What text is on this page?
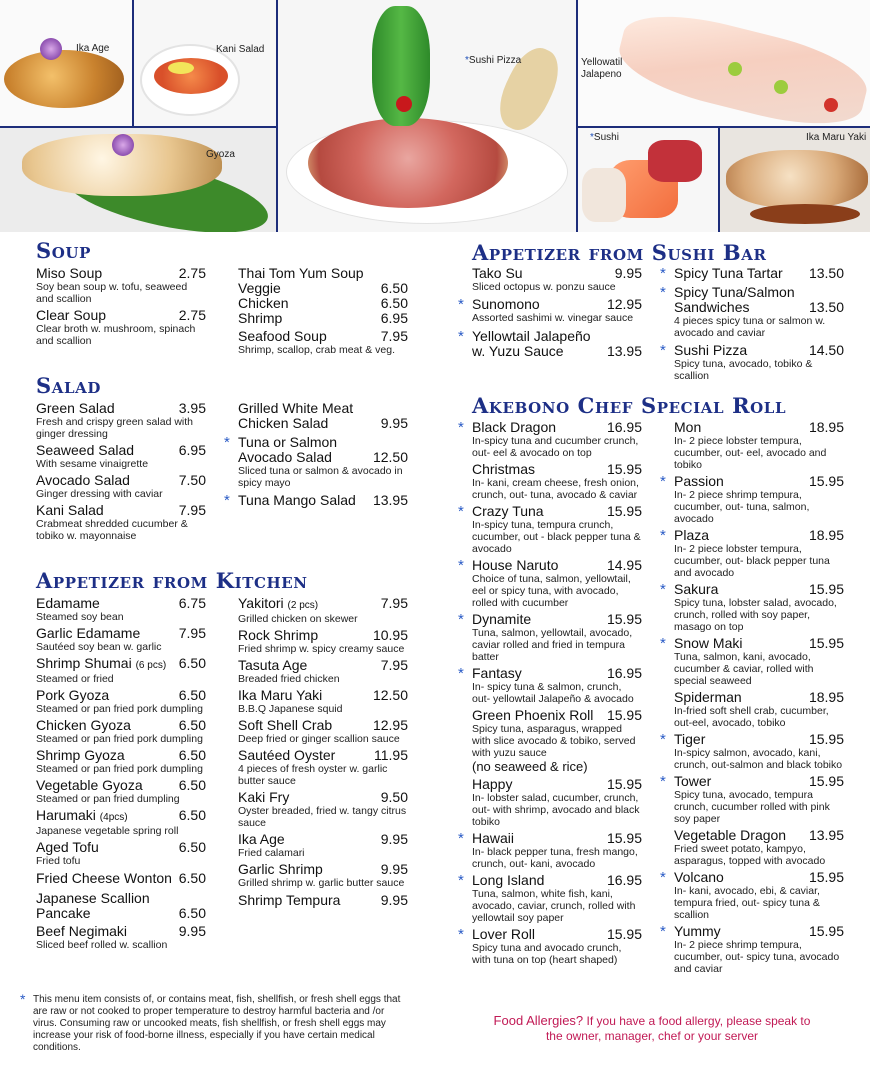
Ika Age	Kani Salad
Gyoza
*Sushi Pizza	Yellowatil
Jalapeno
*Sushi	Ika Maru Yaki
Soup
Miso Soup	2.75
Soy bean soup w. tofu, seaweed and scallion
Clear Soup	2.75
Clear broth w. mushroom, spinach and scallion
Thai Tom Yum Soup
Veggie	6.50
Chicken	6.50
Shrimp	6.95
Seafood Soup	7.95
Shrimp, scallop, crab meat & veg.
Salad
Green Salad	3.95
Fresh and crispy green salad with ginger dressing
Seaweed Salad	6.95
With sesame vinaigrette
Avocado Salad	7.50
Ginger dressing with caviar
Kani Salad	7.95
Crabmeat shredded cucumber & tobiko w. mayonnaise
Grilled White Meat
Chicken Salad	9.95
* Tuna or Salmon
Avocado Salad	12.50
Sliced tuna or salmon & avocado in spicy mayo
* Tuna Mango Salad 13.95
Appetizer from Kitchen
Edamame	6.75
Steamed soy bean
Garlic Edamame	7.95
Sautéed soy bean w. garlic
Shrimp Shumai (6 pcs) 6.50
Steamed or fried
Pork Gyoza	6.50
Steamed or pan fried pork dumpling
Chicken Gyoza	6.50
Steamed or pan fried pork dumpling
Shrimp Gyoza	6.50
Steamed or pan fried pork dumpling
Vegetable Gyoza	6.50
Steamed or pan fried dumpling
Harumaki (4pcs)	6.50
Japanese vegetable spring roll
Aged Tofu	6.50
Fried tofu
Fried Cheese Wonton 6.50
Japanese Scallion
Pancake	6.50
Beef Negimaki	9.95
Sliced beef rolled w. scallion
Yakitori (2 pcs)	7.95
Grilled chicken on skewer
Rock Shrimp	10.95
Fried shrimp w. spicy creamy sauce
Tasuta Age	7.95
Breaded fried chicken
Ika Maru Yaki	12.50
B.B.Q Japanese squid
Soft Shell Crab	12.95
Deep fried or ginger scallion sauce
Sautéed Oyster	11.95
4 pieces of fresh oyster w. garlic butter sauce
Kaki Fry	9.50
Oyster breaded, fried w. tangy citrus sauce
Ika Age	9.95
Fried calamari
Garlic Shrimp	9.95
Grilled shrimp w. garlic butter sauce
Shrimp Tempura	9.95
Appetizer from Sushi Bar
Tako Su	9.95
Sliced octopus w. ponzu sauce
* Sunomono	12.95
Assorted sashimi w. vinegar sauce
* Yellowtail Jalapeño
w. Yuzu Sauce	13.95
* Spicy Tuna Tartar 13.50
* Spicy Tuna/Salmon
Sandwiches	13.50
4 pieces spicy tuna or salmon w. avocado and caviar
* Sushi Pizza	14.50
Spicy tuna, avocado, tobiko & scallion
Akebono Chef Special Roll
* Black Dragon	16.95
In-spicy tuna and cucumber crunch, out- eel & avocado on top
Christmas	15.95
In- kani, cream cheese, fresh onion, crunch, out- tuna, avocado & caviar
* Crazy Tuna	15.95
In-spicy tuna, tempura crunch, cucumber, out - black pepper tuna & avocado
* House Naruto	14.95
Choice of tuna, salmon, yellowtail, eel or spicy tuna, with avocado, rolled with cucumber
* Dynamite	15.95
Tuna, salmon, yellowtail, avocado, caviar rolled and fried in tempura batter
* Fantasy	16.95
In- spicy tuna & salmon, crunch, out- yellowtail Jalapeño & avocado
Green Phoenix Roll 15.95
Spicy tuna, asparagus, wrapped with slice avocado & tobiko, served with yuzu sauce
(no seaweed & rice)
Happy	15.95
In- lobster salad, cucumber, crunch, out- with shrimp, avocado and black tobiko
* Hawaii	15.95
In- black pepper tuna, fresh mango, crunch, out- kani, avocado
* Long Island	16.95
Tuna, salmon, white fish, kani, avocado, caviar, crunch, rolled with yellowtail soy paper
* Lover Roll	15.95
Spicy tuna and avocado crunch, with tuna on top (heart shaped)
Mon	18.95
In- 2 piece lobster tempura, cucumber, out- eel, avocado and tobiko
* Passion	15.95
In- 2 piece shrimp tempura, cucumber, out- tuna, salmon, avocado
* Plaza	18.95
In- 2 piece lobster tempura, cucumber, out- black pepper tuna and avocado
* Sakura	15.95
Spicy tuna, lobster salad, avocado, crunch, rolled with soy paper, masago on top
* Snow Maki	15.95
Tuna, salmon, kani, avocado, cucumber & caviar, rolled with special seaweed
Spiderman	18.95
In-fried soft shell crab, cucumber, out-eel, avocado, tobiko
* Tiger	15.95
In-spicy salmon, avocado, kani, crunch, out-salmon and black tobiko
* Tower	15.95
Spicy tuna, avocado, tempura crunch, cucumber rolled with pink soy paper
Vegetable Dragon 13.95
Fried sweet potato, kampyo, asparagus, topped with avocado
* Volcano	15.95
In- kani, avocado, ebi, & caviar, tempura fried, out- spicy tuna & scallion
* Yummy	15.95
In- 2 piece shrimp tempura, cucumber, out- spicy tuna, avocado and caviar
* This menu item consists of, or contains meat, fish, shellfish, or fresh shell eggs that are raw or not cooked to proper temperature to destroy harmful bacteria and /or virus. Consuming raw or uncooked meats, fish shellfish, or fresh shell eggs may increase your risk of food-borne illness, especially if you have certain medical conditions.
Food Allergies? If you have a food allergy, please speak to the owner, manager, chef or your server
